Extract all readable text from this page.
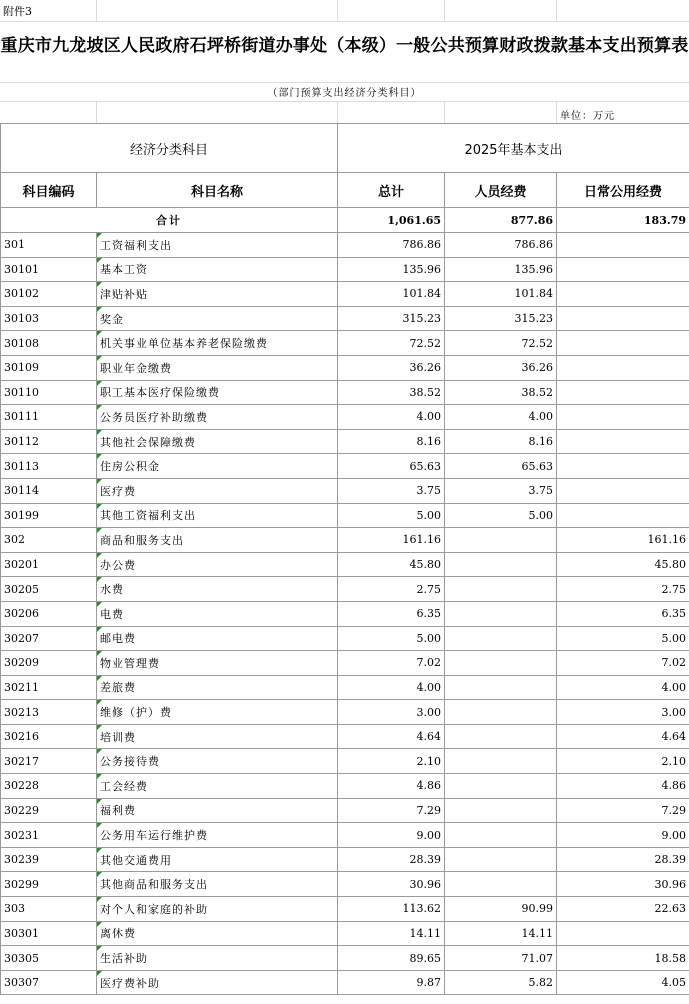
附件3
重庆市九龙坡区人民政府石坪桥街道办事处（本级）一般公共预算财政拨款基本支出预算表
（部门预算支出经济分类科目）
单位：万元
经济分类科目		2025年基本支出		
科目编码	科目名称	总计	人员经费	日常公用经费
合计		1,061.65	877.86	183.79
301	工资福利支出	786.86	786.86	
30101	基本工资	135.96	135.96	
30102	津贴补贴	101.84	101.84	
30103	奖金	315.23	315.23	
30108	机关事业单位基本养老保险缴费	72.52	72.52	
30109	职业年金缴费	36.26	36.26	
30110	职工基本医疗保险缴费	38.52	38.52	
30111	公务员医疗补助缴费	4.00	4.00	
30112	其他社会保障缴费	8.16	8.16	
30113	住房公积金	65.63	65.63	
30114	医疗费	3.75	3.75	
30199	其他工资福利支出	5.00	5.00	
302	商品和服务支出	161.16		161.16
30201	办公费	45.80		45.80
30205	水费	2.75		2.75
30206	电费	6.35		6.35
30207	邮电费	5.00		5.00
30209	物业管理费	7.02		7.02
30211	差旅费	4.00		4.00
30213	维修（护）费	3.00		3.00
30216	培训费	4.64		4.64
30217	公务接待费	2.10		2.10
30228	工会经费	4.86		4.86
30229	福利费	7.29		7.29
30231	公务用车运行维护费	9.00		9.00
30239	其他交通费用	28.39		28.39
30299	其他商品和服务支出	30.96		30.96
303	对个人和家庭的补助	113.62	90.99	22.63
30301	离休费	14.11	14.11	
30305	生活补助	89.65	71.07	18.58
30307	医疗费补助	9.87	5.82	4.05
